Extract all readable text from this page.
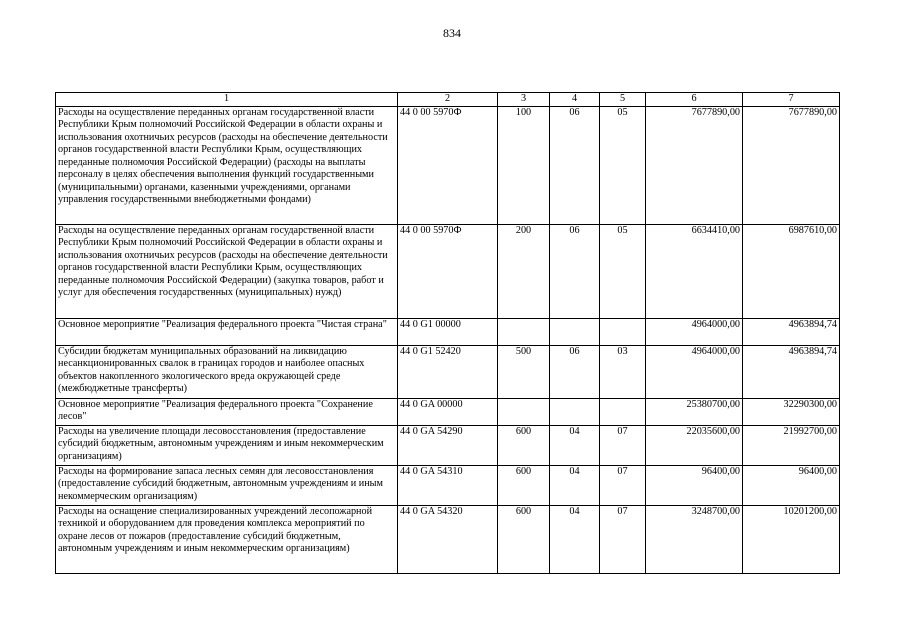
834
1	2	3	4	5	6	7
Расходы на осуществление переданных органам государственной власти Республики Крым полномочий Российской Федерации в области охраны и использования охотничьих ресурсов (расходы на обеспечение деятельности органов государственной власти Республики Крым, осуществляющих переданные полномочия Российской Федерации) (расходы на выплаты персоналу в целях обеспечения выполнения функций государственными (муниципальными) органами, казенными учреждениями, органами управления государственными внебюджетными фондами)	44 0 00 5970Ф	100	06	05	7677890,00	7677890,00
Расходы на осуществление переданных органам государственной власти Республики Крым полномочий Российской Федерации в области охраны и использования охотничьих ресурсов (расходы на обеспечение деятельности органов государственной власти Республики Крым, осуществляющих переданные полномочия Российской Федерации) (закупка товаров, работ и услуг для обеспечения государственных (муниципальных) нужд)	44 0 00 5970Ф	200	06	05	6634410,00	6987610,00
Основное мероприятие "Реализация федерального проекта "Чистая страна"	44 0 G1 00000				4964000,00	4963894,74
Субсидии бюджетам муниципальных образований на ликвидацию несанкционированных свалок в границах городов и наиболее опасных объектов накопленного экологического вреда окружающей среде (межбюджетные трансферты)	44 0 G1 52420	500	06	03	4964000,00	4963894,74
Основное мероприятие "Реализация федерального проекта "Сохранение лесов"	44 0 GA 00000				25380700,00	32290300,00
Расходы на увеличение площади лесовосстановления (предоставление субсидий бюджетным, автономным учреждениям и иным некоммерческим организациям)	44 0 GA 54290	600	04	07	22035600,00	21992700,00
Расходы на формирование запаса лесных семян для лесовосстановления (предоставление субсидий бюджетным, автономным учреждениям и иным некоммерческим организациям)	44 0 GA 54310	600	04	07	96400,00	96400,00
Расходы на оснащение специализированных учреждений лесопожарной техникой и оборудованием для проведения комплекса мероприятий по охране лесов от пожаров (предоставление субсидий бюджетным, автономным учреждениям и иным некоммерческим организациям)	44 0 GA 54320	600	04	07	3248700,00	10201200,00
